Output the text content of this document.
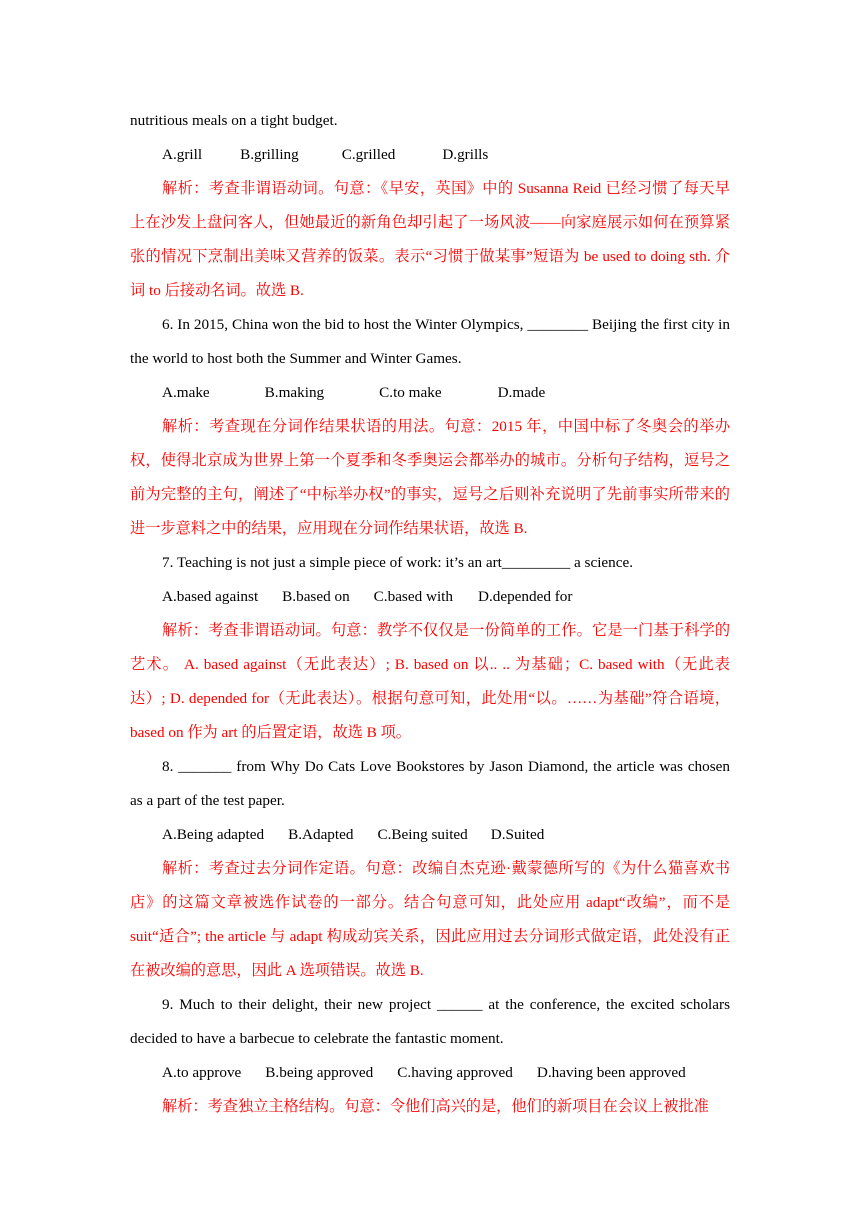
nutritious meals on a tight budget.

A.grill	B.grilling	C.grilled	D.grills

解析：考查非谓语动词。句意：《早安，英国》中的 Susanna Reid 已经习惯了每天早上在沙发上盘问客人，但她最近的新角色却引起了一场风波——向家庭展示如何在预算紧张的情况下烹制出美味又营养的饭菜。表示“习惯于做某事”短语为 be used to doing sth. 介词 to 后接动名词。故选 B.

6. In 2015, China won the bid to host the Winter Olympics, ________ Beijing the first city in the world to host both the Summer and Winter Games.

A.make	B.making	C.to make	D.made

解析：考查现在分词作结果状语的用法。句意：2015 年，中国中标了冬奥会的举办权，使得北京成为世界上第一个夏季和冬季奥运会都举办的城市。分析句子结构，逗号之前为完整的主句，阐述了“中标举办权”的事实，逗号之后则补充说明了先前事实所带来的进一步意料之中的结果，应用现在分词作结果状语，故选 B.

7. Teaching is not just a simple piece of work: it’s an art_________ a science.

A.based against B.based on C.based with D.depended for

解析：考查非谓语动词。句意：教学不仅仅是一份简单的工作。它是一门基于科学的艺术。 A. based against（无此表达）; B. based on 以.. .. 为基础；C. based with（无此表达）; D. depended for（无此表达）。根据句意可知，此处用“以。……为基础”符合语境，based on 作为 art 的后置定语，故选 B 项。

8. _______ from Why Do Cats Love Bookstores by Jason Diamond, the article was chosen as a part of the test paper.

A.Being adapted B.Adapted C.Being suited D.Suited

解析：考查过去分词作定语。句意：改编自杰克逊·戴蒙德所写的《为什么猫喜欢书店》的这篇文章被选作试卷的一部分。结合句意可知，此处应用 adapt“改编”，而不是 suit“适合”; the article 与 adapt 构成动宾关系，因此应用过去分词形式做定语，此处没有正在被改编的意思，因此 A 选项错误。故选 B.

9. Much to their delight, their new project ______ at the conference, the excited scholars decided to have a barbecue to celebrate the fantastic moment.

A.to approve B.being approved C.having approved D.having been approved

解析：考查独立主格结构。句意：令他们高兴的是，他们的新项目在会议上被批准
